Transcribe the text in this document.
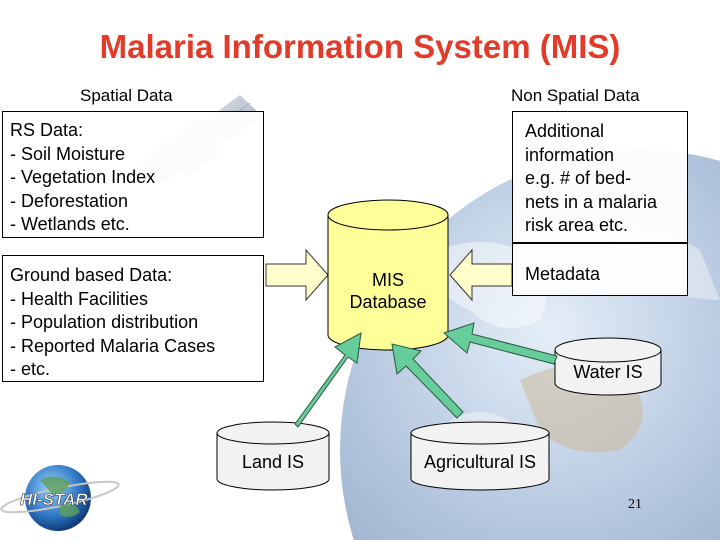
Malaria Information System (MIS)
Spatial Data	Non Spatial Data
HI-STAR
RS Data:
- Soil Moisture
- Vegetation Index
- Deforestation
- Wetlands etc.
Ground based Data:
- Health Facilities
- Population distribution
- Reported Malaria Cases
- etc.
Additional
information
e.g. # of bed-
nets in a malaria
risk area etc.
Metadata
MIS
Database
Water IS
Land IS	Agricultural IS
21
